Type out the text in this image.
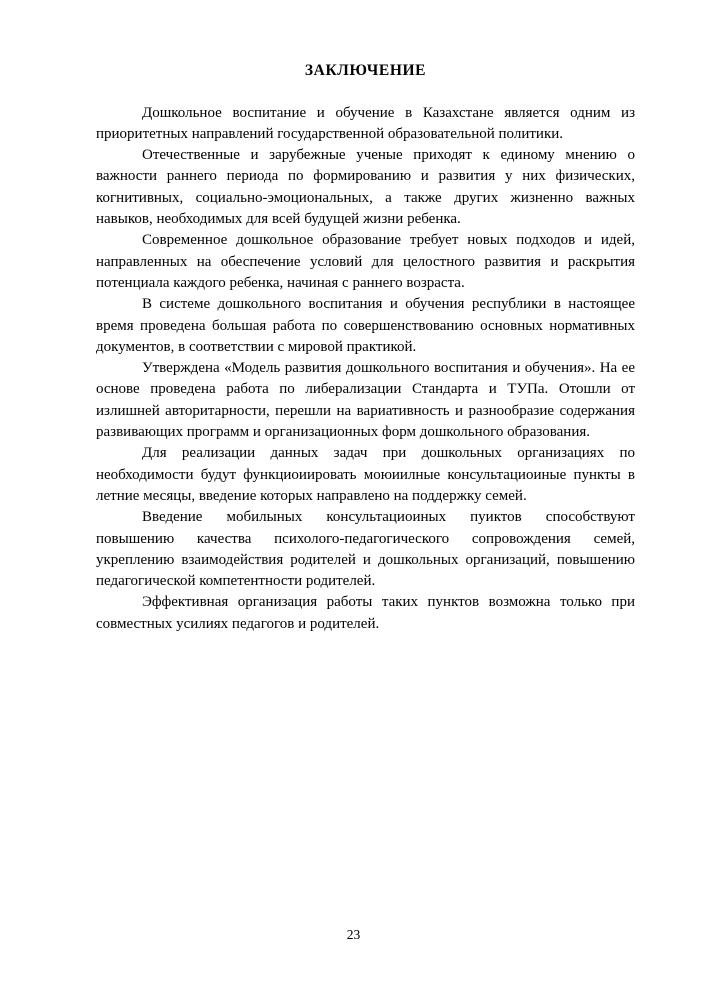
ЗАКЛЮЧЕНИЕ

Дошкольное воспитание и обучение в Казахстане является одним из приоритетных направлений государственной образовательной политики.

Отечественные и зарубежные ученые приходят к единому мнению о важности раннего периода по формированию и развития у них физических, когнитивных, социально-эмоциональных, а также других жизненно важных навыков, необходимых для всей будущей жизни ребенка.

Современное дошкольное образование требует новых подходов и идей, направленных на обеспечение условий для целостного развития и раскрытия потенциала каждого ребенка, начиная с раннего возраста.

В системе дошкольного воспитания и обучения республики в настоящее время проведена большая работа по совершенствованию основных нормативных документов, в соответствии с мировой практикой.

Утверждена «Модель развития дошкольного воспитания и обучения». На ее основе проведена работа по либерализации Стандарта и ТУПа. Отошли от излишней авторитарности, перешли на вариативность и разнообразие содержания развивающих программ и организационных форм дошкольного образования.

Для реализации данных задач при дошкольных организациях по необходимости будут функциоиировать моюиилные консультациоиные пункты в летние месяцы, введение которых направлено на поддержку семей.

Введение мобилыных консультациоиных пуиктов способствуют повышению качества психолого-педагогического сопровождения семей, укреплению взаимодействия родителей и дошкольных организаций, повышению педагогической компетентности родителей.

Эффективная организация работы таких пунктов возможна только при совместных усилиях педагогов и родителей.

23
